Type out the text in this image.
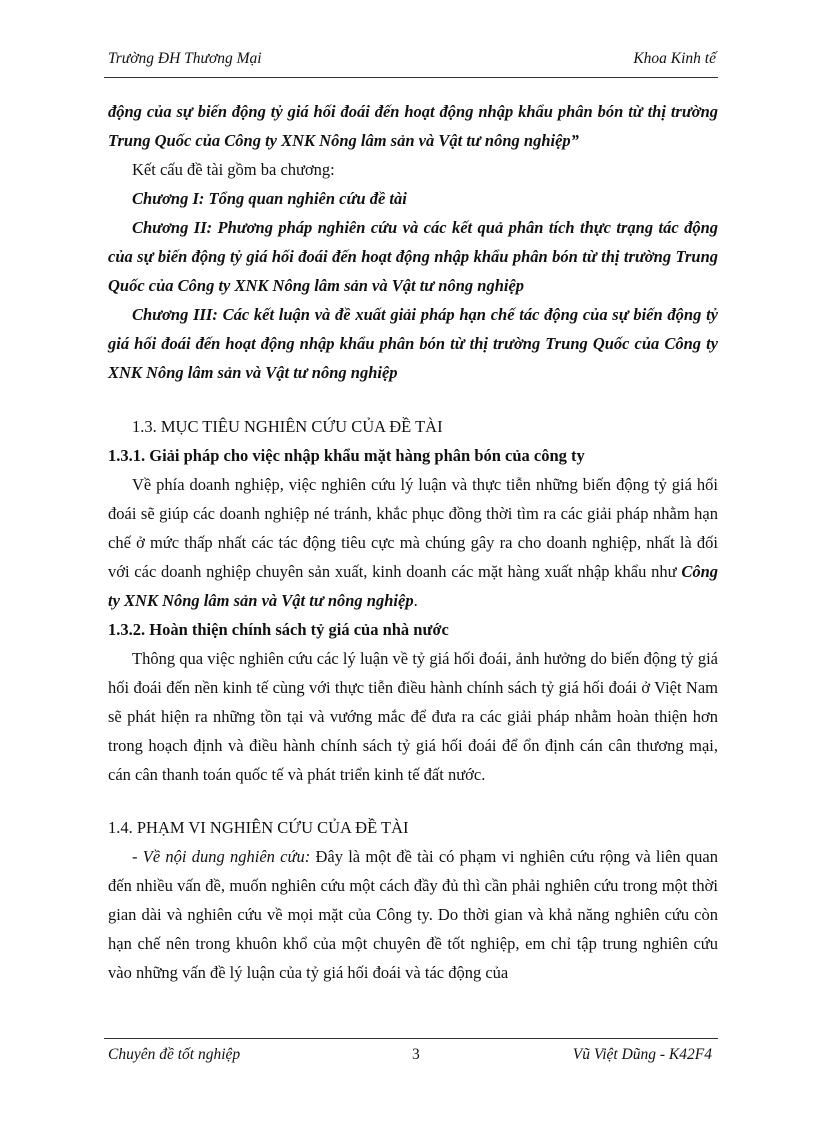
Trường ĐH Thương Mại	Khoa Kinh tế

động của sự biến động tỷ giá hối đoái đến hoạt động nhập khẩu phân bón từ thị trường Trung Quốc của Công ty XNK Nông lâm sản và Vật tư nông nghiệp”

Kết cấu đề tài gồm ba chương:

Chương I: Tổng quan nghiên cứu đề tài

Chương II: Phương pháp nghiên cứu và các kết quả phân tích thực trạng tác động của sự biến động tỷ giá hối đoái đến hoạt động nhập khẩu phân bón từ thị trường Trung Quốc của Công ty XNK Nông lâm sản và Vật tư nông nghiệp

Chương III: Các kết luận và đề xuất giải pháp hạn chế tác động của sự biến động tỷ giá hối đoái đến hoạt động nhập khẩu phân bón từ thị trường Trung Quốc của Công ty XNK Nông lâm sản và Vật tư nông nghiệp

1.3. MỤC TIÊU NGHIÊN CỨU CỦA ĐỀ TÀI

1.3.1. Giải pháp cho việc nhập khẩu mặt hàng phân bón của công ty

Về phía doanh nghiệp, việc nghiên cứu lý luận và thực tiễn những biến động tỷ giá hối đoái sẽ giúp các doanh nghiệp né tránh, khắc phục đồng thời tìm ra các giải pháp nhằm hạn chế ở mức thấp nhất các tác động tiêu cực mà chúng gây ra cho doanh nghiệp, nhất là đối với các doanh nghiệp chuyên sản xuất, kinh doanh các mặt hàng xuất nhập khẩu như Công ty XNK Nông lâm sản và Vật tư nông nghiệp.

1.3.2. Hoàn thiện chính sách tỷ giá của nhà nước

Thông qua việc nghiên cứu các lý luận về tỷ giá hối đoái, ảnh hưởng do biến động tỷ giá hối đoái đến nền kinh tế cùng với thực tiễn điều hành chính sách tỷ giá hối đoái ở Việt Nam sẽ phát hiện ra những tồn tại và vướng mắc để đưa ra các giải pháp nhằm hoàn thiện hơn trong hoạch định và điều hành chính sách tỷ giá hối đoái để ổn định cán cân thương mại, cán cân thanh toán quốc tế và phát triển kinh tế đất nước.

1.4. PHẠM VI NGHIÊN CỨU CỦA ĐỀ TÀI

- Về nội dung nghiên cứu: Đây là một đề tài có phạm vi nghiên cứu rộng và liên quan đến nhiều vấn đề, muốn nghiên cứu một cách đầy đủ thì cần phải nghiên cứu trong một thời gian dài và nghiên cứu về mọi mặt của Công ty. Do thời gian và khả năng nghiên cứu còn hạn chế nên trong khuôn khổ của một chuyên đề tốt nghiệp, em chỉ tập trung nghiên cứu vào những vấn đề lý luận của tỷ giá hối đoái và tác động của

Chuyên đề tốt nghiệp	3	Vũ Việt Dũng - K42F4
